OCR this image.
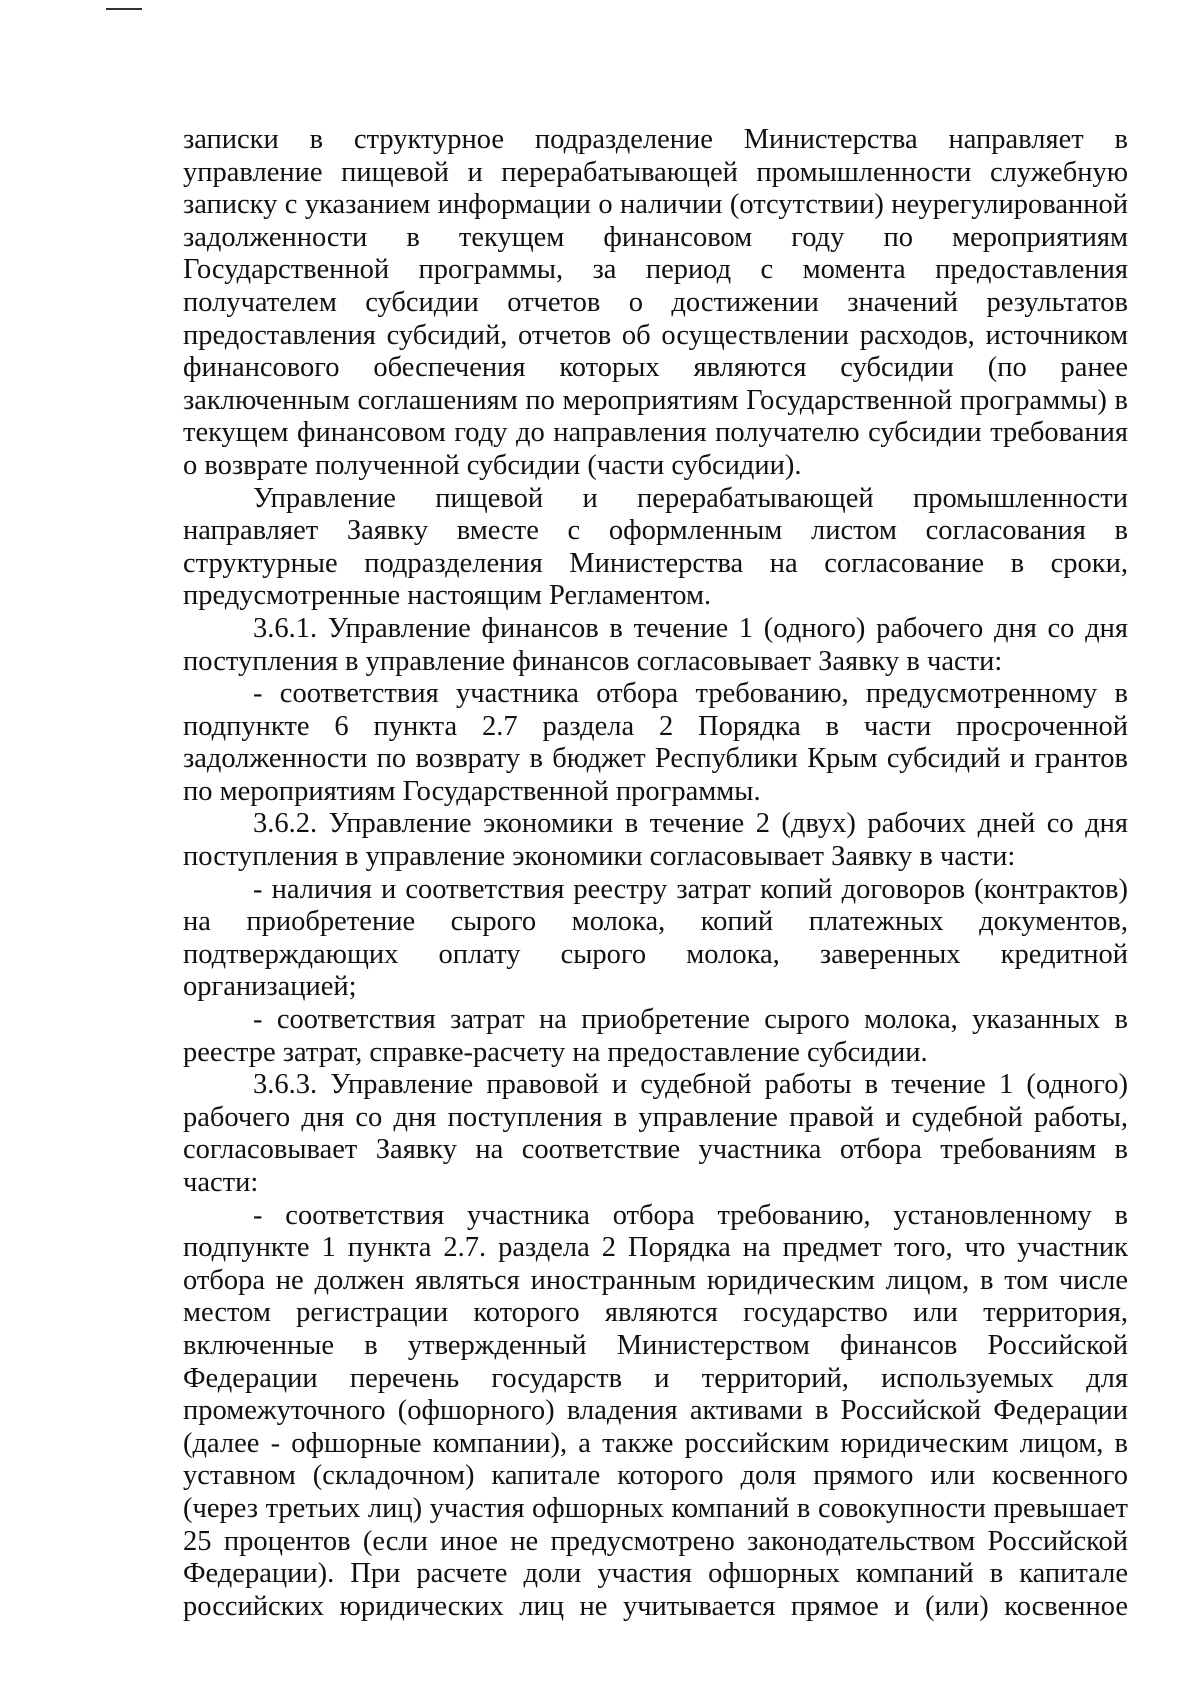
записки в структурное подразделение Министерства направляет в управление пищевой и перерабатывающей промышленности служебную записку с указанием информации о наличии (отсутствии) неурегулированной задолженности в текущем финансовом году по мероприятиям Государственной программы, за период с момента предоставления получателем субсидии отчетов о достижении значений результатов предоставления субсидий, отчетов об осуществлении расходов, источником финансового обеспечения которых являются субсидии (по ранее заключенным соглашениям по мероприятиям Государственной программы) в текущем финансовом году до направления получателю субсидии требования о возврате полученной субсидии (части субсидии).

Управление пищевой и перерабатывающей промышленности направляет Заявку вместе с оформленным листом согласования в структурные подразделения Министерства на согласование в сроки, предусмотренные настоящим Регламентом.

3.6.1. Управление финансов в течение 1 (одного) рабочего дня со дня поступления в управление финансов согласовывает Заявку в части:

- соответствия участника отбора требованию, предусмотренному в подпункте 6 пункта 2.7 раздела 2 Порядка в части просроченной задолженности по возврату в бюджет Республики Крым субсидий и грантов по мероприятиям Государственной программы.

3.6.2. Управление экономики в течение 2 (двух) рабочих дней со дня поступления в управление экономики согласовывает Заявку в части:

- наличия и соответствия реестру затрат копий договоров (контрактов) на приобретение сырого молока, копий платежных документов, подтверждающих оплату сырого молока, заверенных кредитной организацией;

- соответствия затрат на приобретение сырого молока, указанных в реестре затрат, справке-расчету на предоставление субсидии.

3.6.3. Управление правовой и судебной работы в течение 1 (одного) рабочего дня со дня поступления в управление правой и судебной работы, согласовывает Заявку на соответствие участника отбора требованиям в части:

- соответствия участника отбора требованию, установленному в подпункте 1 пункта 2.7. раздела 2 Порядка на предмет того, что участник отбора не должен являться иностранным юридическим лицом, в том числе местом регистрации которого являются государство или территория, включенные в утвержденный Министерством финансов Российской Федерации перечень государств и территорий, используемых для промежуточного (офшорного) владения активами в Российской Федерации (далее - офшорные компании), а также российским юридическим лицом, в уставном (складочном) капитале которого доля прямого или косвенного (через третьих лиц) участия офшорных компаний в совокупности превышает 25 процентов (если иное не предусмотрено законодательством Российской Федерации). При расчете доли участия офшорных компаний в капитале российских юридических лиц не учитывается прямое и (или) косвенное
